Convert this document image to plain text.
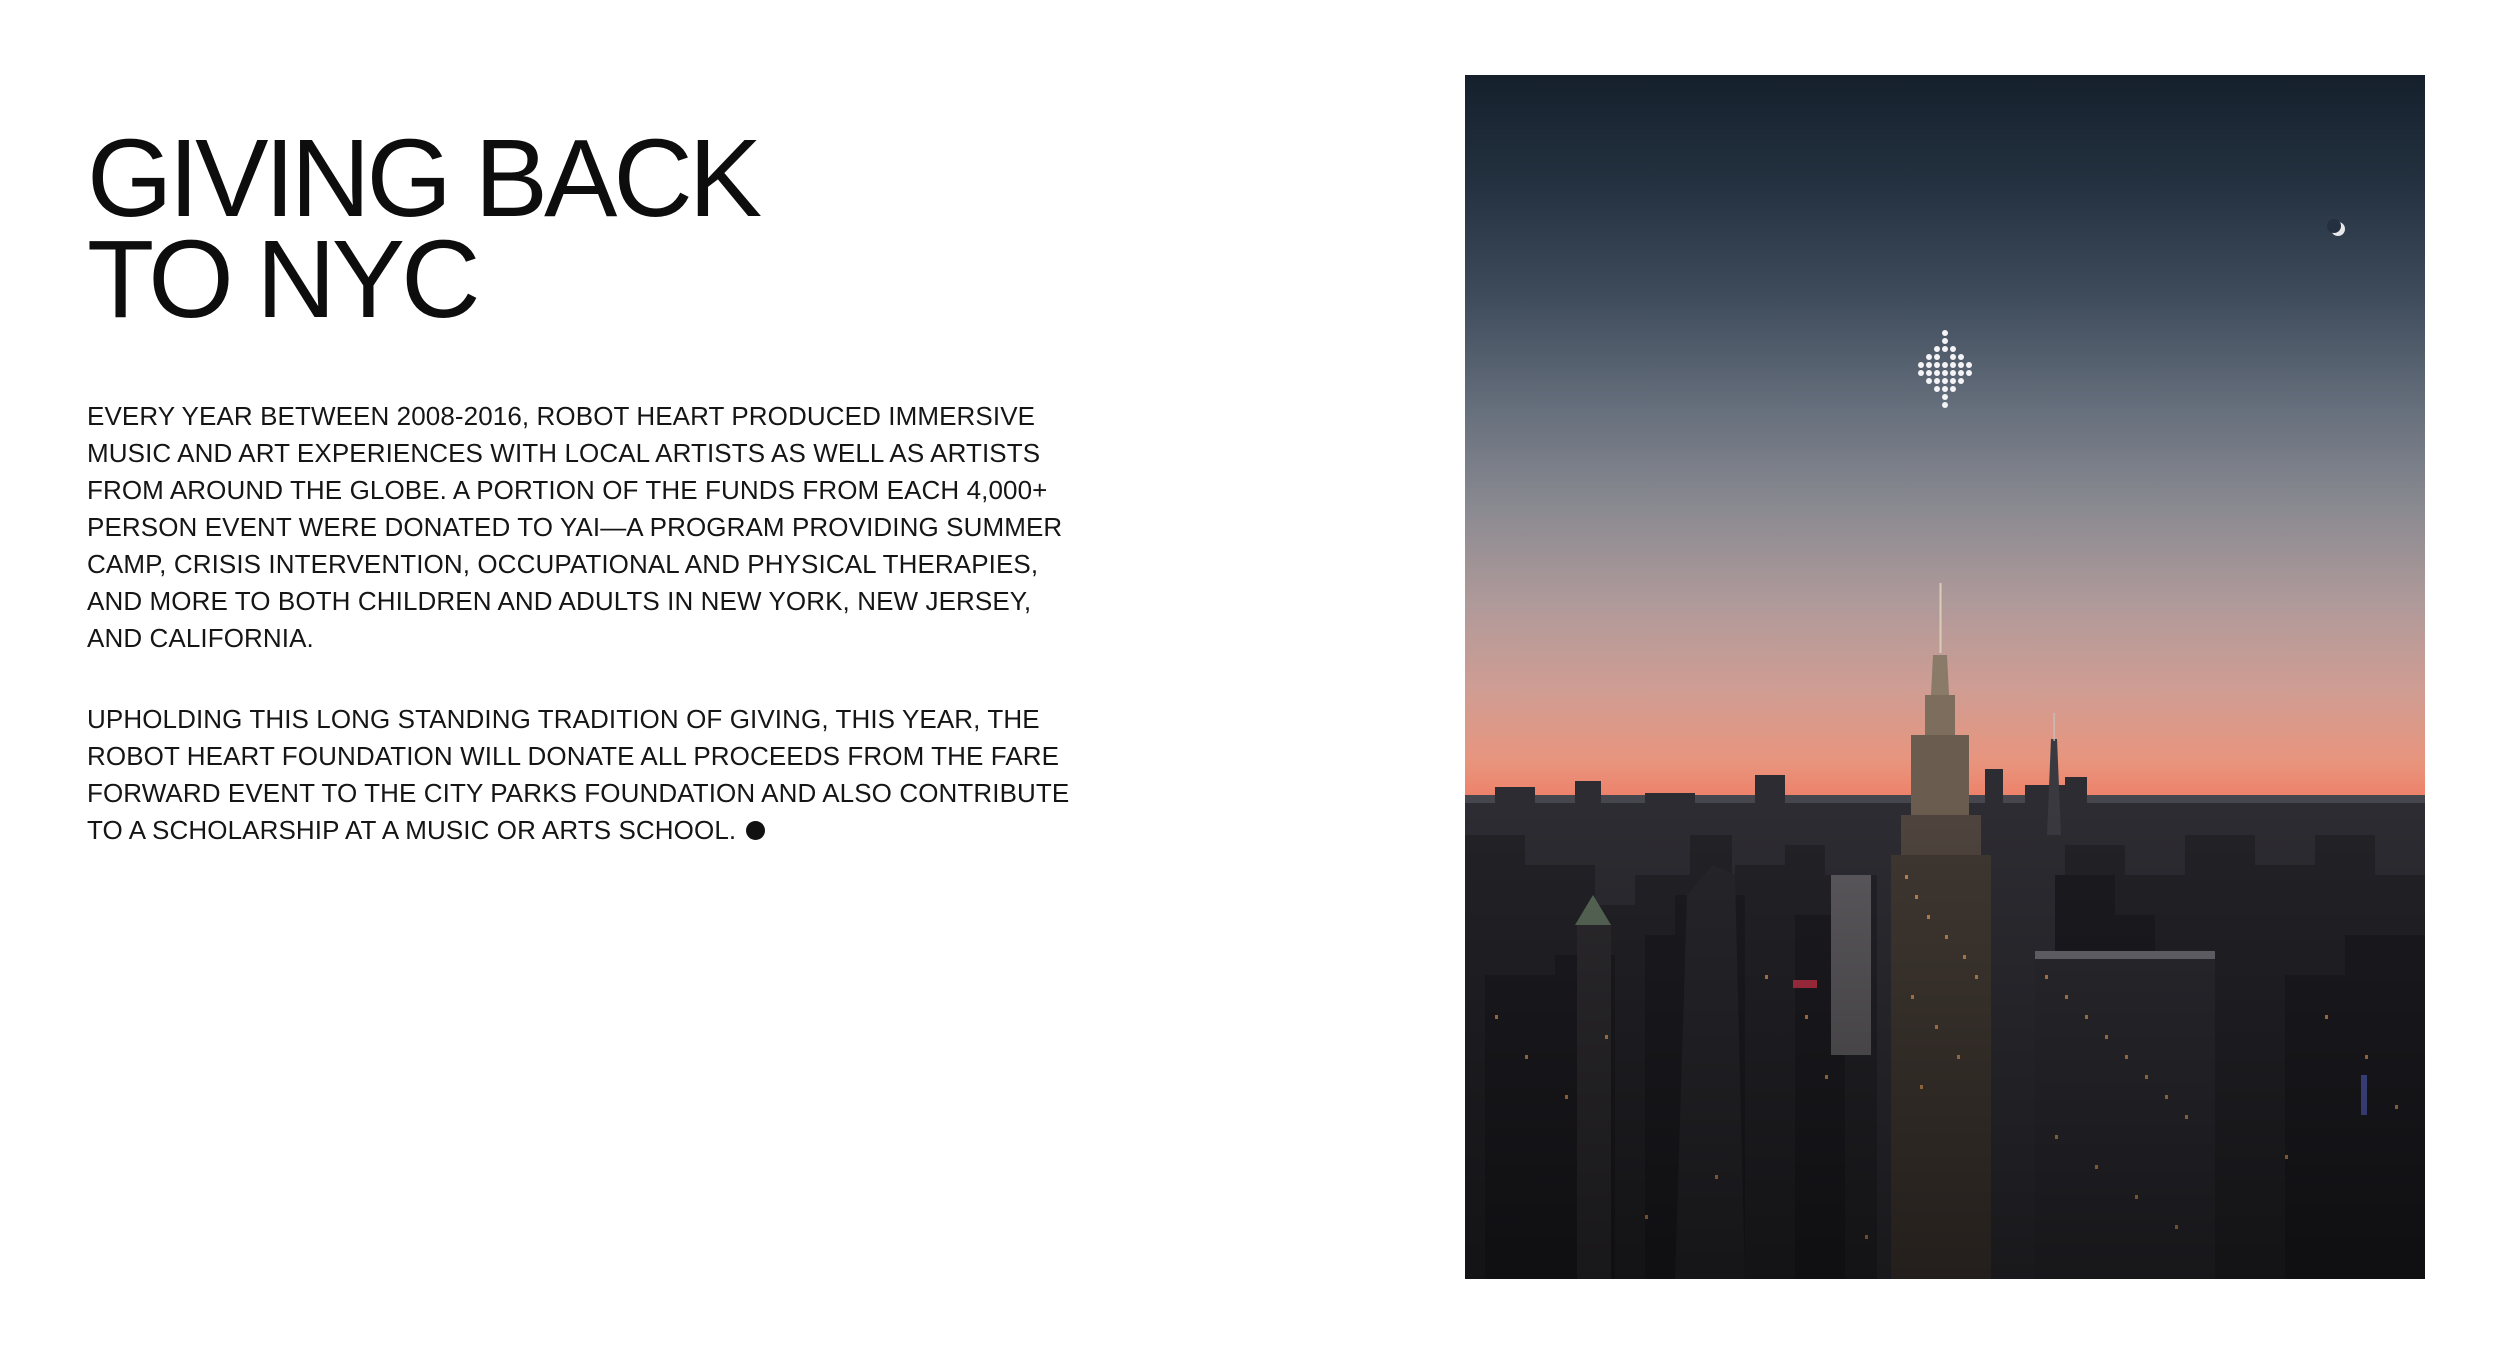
GIVING BACK
TO NYC

EVERY YEAR BETWEEN 2008-2016, ROBOT HEART PRODUCED IMMERSIVE MUSIC AND ART EXPERIENCES WITH LOCAL ARTISTS AS WELL AS ARTISTS FROM AROUND THE GLOBE. A PORTION OF THE FUNDS FROM EACH 4,000+ PERSON EVENT WERE DONATED TO YAI—A PROGRAM PROVIDING SUMMER CAMP, CRISIS INTERVENTION, OCCUPATIONAL AND PHYSICAL THERAPIES, AND MORE TO BOTH CHILDREN AND ADULTS IN NEW YORK, NEW JERSEY, AND CALIFORNIA.

UPHOLDING THIS LONG STANDING TRADITION OF GIVING, THIS YEAR, THE ROBOT HEART FOUNDATION WILL DONATE ALL PROCEEDS FROM THE FARE FORWARD EVENT TO THE CITY PARKS FOUNDATION AND ALSO CONTRIBUTE TO A SCHOLARSHIP AT A MUSIC OR ARTS SCHOOL.
